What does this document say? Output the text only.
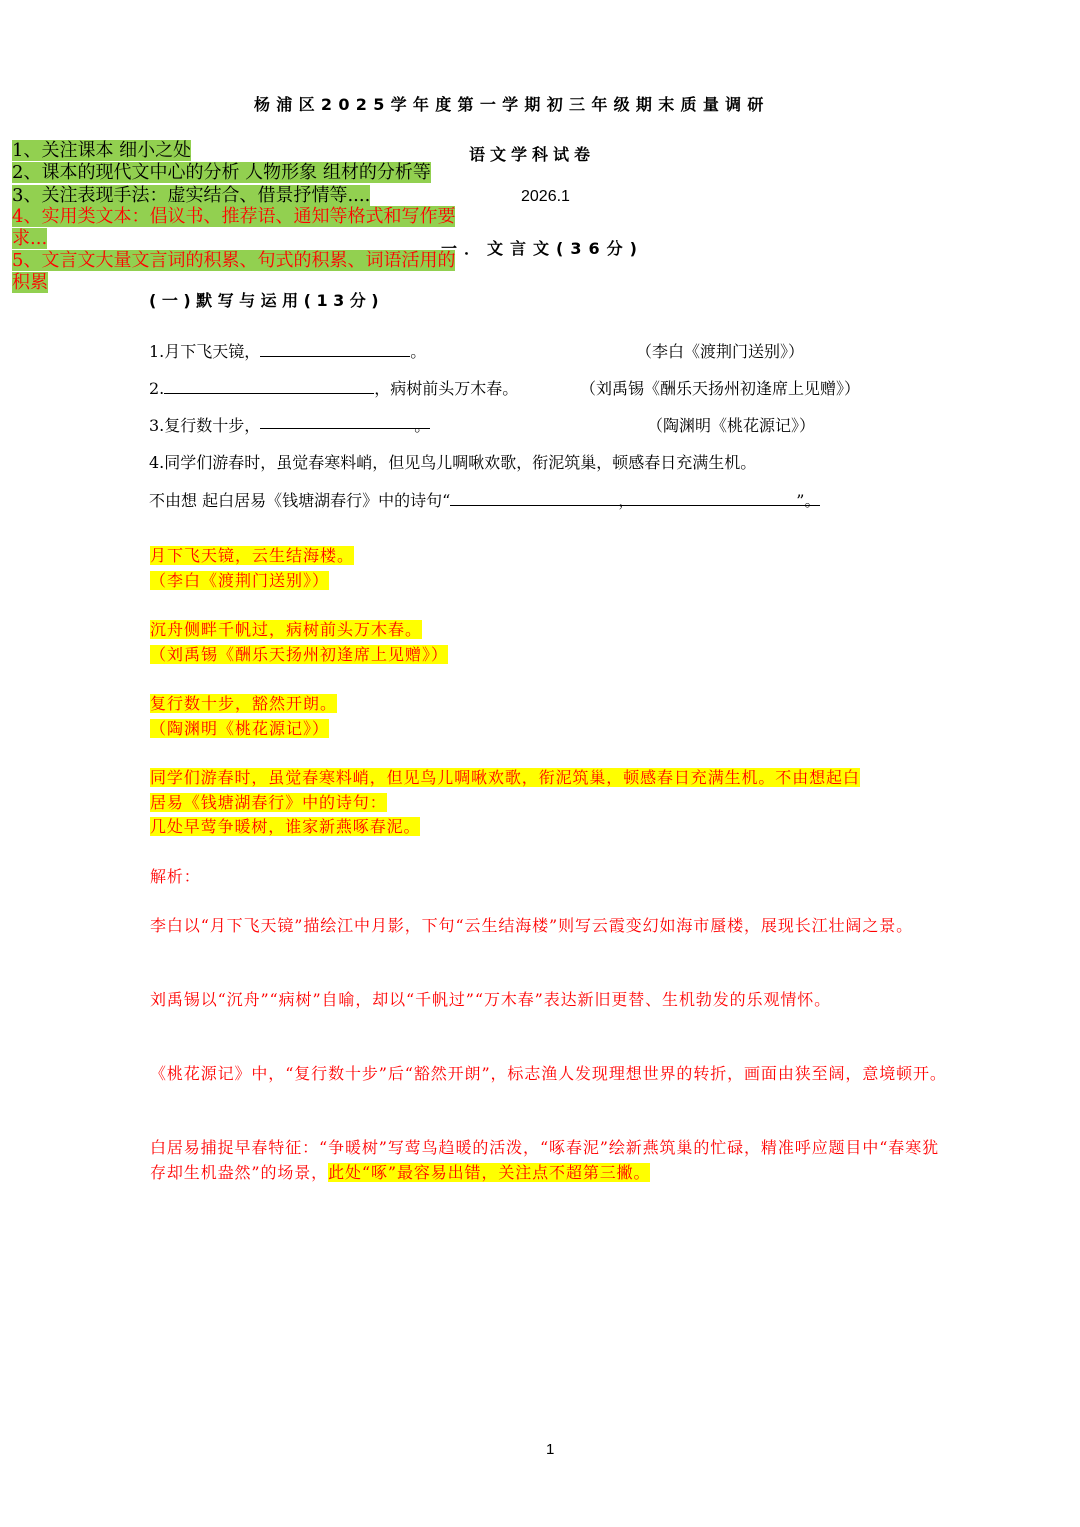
杨浦区2025学年度第一学期初三年级期末质量调研
语文学科试卷
2026.1
1、关注课本 细小之处
2、课本的现代文中心的分析 人物形象 组材的分析等
3、关注表现手法：虚实结合、借景抒情等....
4、实用类文本：倡议书、推荐语、通知等格式和写作要
求...
5、文言文大量文言词的积累、句式的积累、词语活用的
积累
一．文言文(36分)
(一)默写与运用(13分)
1.月下飞天镜，	。	（李白《渡荆门送别》）
2.	，病树前头万木春。	（刘禹锡《酬乐天扬州初逢席上见赠》）
3.复行数十步，	。	（陶渊明《桃花源记》）
4.同学们游春时，虽觉春寒料峭，但见鸟儿啁啾欢歌，衔泥筑巢，顿感春日充满生机。
不由想 起白居易《钱塘湖春行》中的诗句“	，	”。
月下飞天镜，云生结海楼。
（李白《渡荆门送别》）
沉舟侧畔千帆过，病树前头万木春。
（刘禹锡《酬乐天扬州初逢席上见赠》）
复行数十步，豁然开朗。
（陶渊明《桃花源记》）
同学们游春时，虽觉春寒料峭，但见鸟儿啁啾欢歌，衔泥筑巢，顿感春日充满生机。不由想起白
居易《钱塘湖春行》中的诗句：
几处早莺争暖树，谁家新燕啄春泥。
解析：
李白以“月下飞天镜”描绘江中月影，下句“云生结海楼”则写云霞变幻如海市蜃楼，展现长江壮阔之景。
刘禹锡以“沉舟”“病树”自喻，却以“千帆过”“万木春”表达新旧更替、生机勃发的乐观情怀。
《桃花源记》中，“复行数十步”后“豁然开朗”，标志渔人发现理想世界的转折，画面由狭至阔，意境顿开。
白居易捕捉早春特征：“争暖树”写莺鸟趋暖的活泼，“啄春泥”绘新燕筑巢的忙碌，精准呼应题目中“春寒犹存却生机盎然”的场景，此处“啄”最容易出错，关注点不超第三撇。
1
